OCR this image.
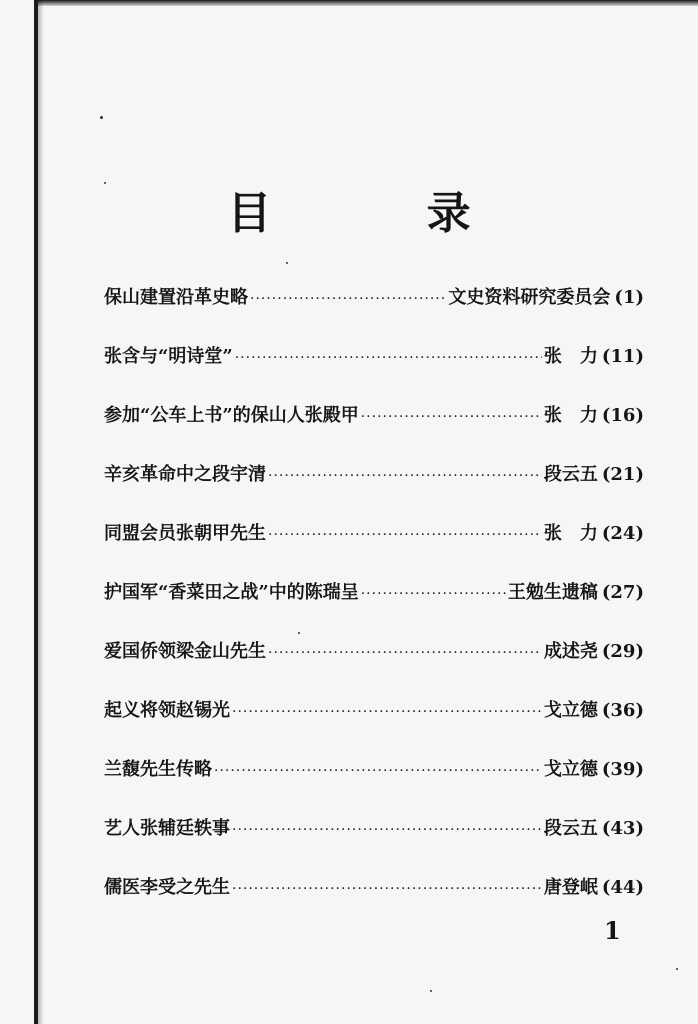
目 录
保山建置沿革史略 ·····	文史资料研究委员会 ( 1 )
张含与“明诗堂” ·····	张　力 ( 11 )
参加“公车上书”的保山人张殿甲 ·····	张　力 ( 16 )
辛亥革命中之段宇清 ·····	段云五 ( 21 )
同盟会员张朝甲先生 ·····	张　力 ( 24 )
护国军“香菜田之战”中的陈瑞呈 ·····	王勉生遗稿 ( 27 )
爱国侨领梁金山先生 ·····	成述尧 ( 29 )
起义将领赵锡光 ·····	戈立德 ( 36 )
兰馥先生传略 ·····	戈立德 ( 39 )
艺人张辅廷轶事 ·····	段云五 ( 43 )
儒医李受之先生 ·····	唐登岷 ( 44 )
1
